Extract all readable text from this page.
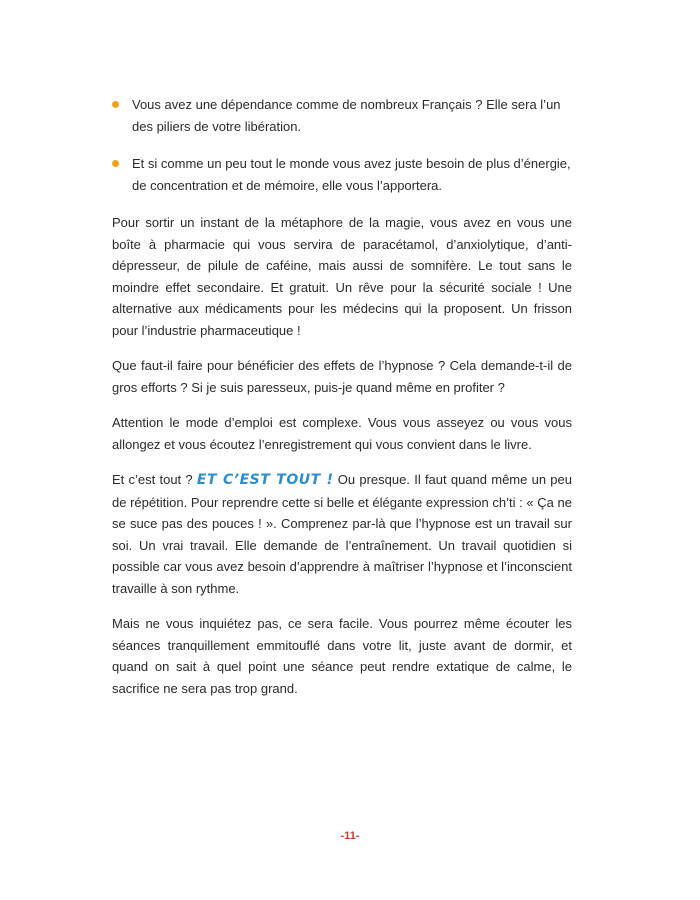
Vous avez une dépendance comme de nombreux Français ? Elle sera l’un des piliers de votre libération.
Et si comme un peu tout le monde vous avez juste besoin de plus d’énergie, de concentration et de mémoire, elle vous l’apportera.

Pour sortir un instant de la métaphore de la magie, vous avez en vous une boîte à pharmacie qui vous servira de paracétamol, d’anxiolytique, d’anti-dépresseur, de pilule de caféine, mais aussi de somnifère. Le tout sans le moindre effet secondaire. Et gratuit. Un rêve pour la sécurité sociale ! Une alternative aux médicaments pour les médecins qui la proposent. Un frisson pour l’industrie pharmaceutique !

Que faut-il faire pour bénéficier des effets de l’hypnose ? Cela demande-t-il de gros efforts ? Si je suis paresseux, puis-je quand même en profiter ?

Attention le mode d’emploi est complexe. Vous vous asseyez ou vous vous allongez et vous écoutez l’enregistrement qui vous convient dans le livre.

Et c’est tout ? ET C’EST TOUT ! Ou presque. Il faut quand même un peu de répétition. Pour reprendre cette si belle et élégante expression ch’ti : « Ça ne se suce pas des pouces ! ». Comprenez par-là que l’hypnose est un travail sur soi. Un vrai travail. Elle demande de l’entraînement. Un travail quotidien si possible car vous avez besoin d’apprendre à maîtriser l’hypnose et l’inconscient travaille à son rythme.

Mais ne vous inquiétez pas, ce sera facile. Vous pourrez même écouter les séances tranquillement emmitouflé dans votre lit, juste avant de dormir, et quand on sait à quel point une séance peut rendre extatique de calme, le sacrifice ne sera pas trop grand.

-11-
